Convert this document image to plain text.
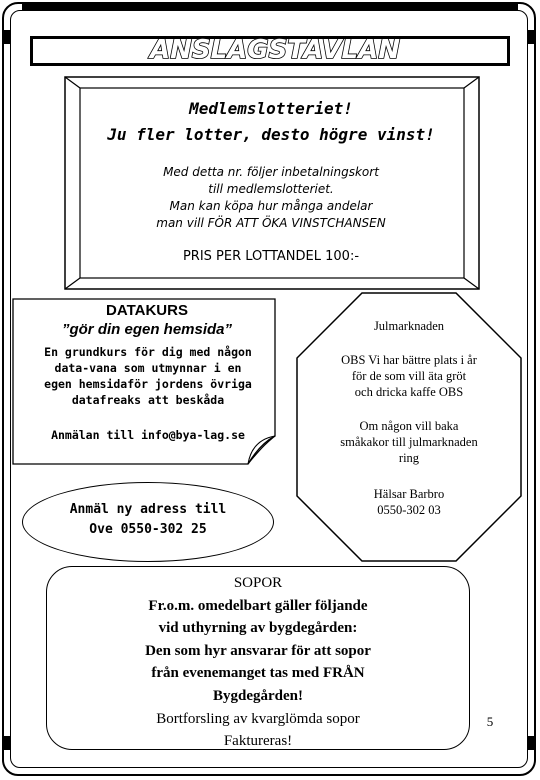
ANSLAGSTAVLAN
Medlemslotteriet!
Ju fler lotter, desto högre vinst!
Med detta nr. följer inbetalningskort
till medlemslotteriet.
Man kan köpa hur många andelar
man vill FÖR ATT ÖKA VINSTCHANSEN
PRIS PER LOTTANDEL 100:-
DATAKURS
”gör din egen hemsida”
En grundkurs för dig med någon
data-vana som utmynnar i en
egen hemsidaför jordens övriga
datafreaks att beskåda
Anmälan till info@bya-lag.se
Anmäl ny adress till
Ove 0550-302 25
Julmarknaden
OBS Vi har bättre plats i år
för de som vill äta gröt
och dricka kaffe OBS
Om någon vill baka
småkakor till julmarknaden
ring
Hälsar Barbro
0550-302 03
SOPOR
Fr.o.m. omedelbart gäller följande
vid uthyrning av bygdegården:
Den som hyr ansvarar för att sopor
från evenemanget tas med FRÅN
Bygdegården!
Bortforsling av kvarglömda sopor
Faktureras!
5
